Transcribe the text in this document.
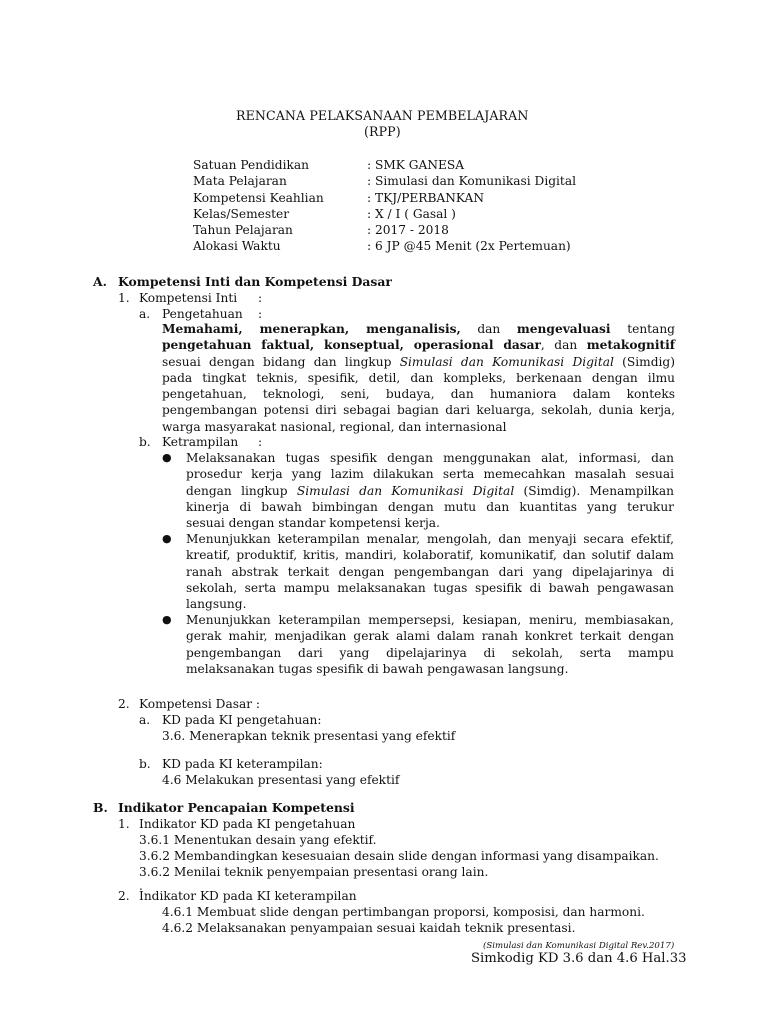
RENCANA PELAKSANAAN PEMBELAJARAN
(RPP)
Satuan Pendidikan	: SMK GANESA
Mata Pelajaran	: Simulasi dan Komunikasi Digital
Kompetensi Keahlian	: TKJ/PERBANKAN
Kelas/Semester	: X / I ( Gasal )
Tahun Pelajaran	: 2017 - 2018
Alokasi Waktu	: 6 JP @45 Menit (2x Pertemuan)
A. Kompetensi Inti dan Kompetensi Dasar
1. Kompetensi Inti :
a. Pengetahuan :
Memahami, menerapkan, menganalisis, dan mengevaluasi tentang
pengetahuan faktual, konseptual, operasional dasar, dan metakognitif
sesuai dengan bidang dan lingkup Simulasi dan Komunikasi Digital (Simdig)
pada tingkat teknis, spesifik, detil, dan kompleks, berkenaan dengan ilmu
pengetahuan, teknologi, seni, budaya, dan humaniora dalam konteks
pengembangan potensi diri sebagai bagian dari keluarga, sekolah, dunia kerja,
warga masyarakat nasional, regional, dan internasional
b. Ketrampilan :
● Melaksanakan tugas spesifik dengan menggunakan alat, informasi, dan
prosedur kerja yang lazim dilakukan serta memecahkan masalah sesuai
dengan lingkup Simulasi dan Komunikasi Digital (Simdig). Menampilkan
kinerja di bawah bimbingan dengan mutu dan kuantitas yang terukur
sesuai dengan standar kompetensi kerja.
● Menunjukkan keterampilan menalar, mengolah, dan menyaji secara efektif,
kreatif, produktif, kritis, mandiri, kolaboratif, komunikatif, dan solutif dalam
ranah abstrak terkait dengan pengembangan dari yang dipelajarinya di
sekolah, serta mampu melaksanakan tugas spesifik di bawah pengawasan
langsung.
● Menunjukkan keterampilan mempersepsi, kesiapan, meniru, membiasakan,
gerak mahir, menjadikan gerak alami dalam ranah konkret terkait dengan
pengembangan dari yang dipelajarinya di sekolah, serta mampu
melaksanakan tugas spesifik di bawah pengawasan langsung.
2. Kompetensi Dasar :
a. KD pada KI pengetahuan:
3.6. Menerapkan teknik presentasi yang efektif
b. KD pada KI keterampilan:
4.6 Melakukan presentasi yang efektif
B. Indikator Pencapaian Kompetensi
1. Indikator KD pada KI pengetahuan
3.6.1 Menentukan desain yang efektif.
3.6.2 Membandingkan kesesuaian desain slide dengan informasi yang disampaikan.
3.6.2 Menilai teknik penyempaian presentasi orang lain.
.
2. Indikator KD pada KI keterampilan
4.6.1 Membuat slide dengan pertimbangan proporsi, komposisi, dan harmoni.
4.6.2 Melaksanakan penyampaian sesuai kaidah teknik presentasi.
(Simulasi dan Komunikasi Digital Rev.2017)
Simkodig KD 3.6 dan 4.6 Hal.33
